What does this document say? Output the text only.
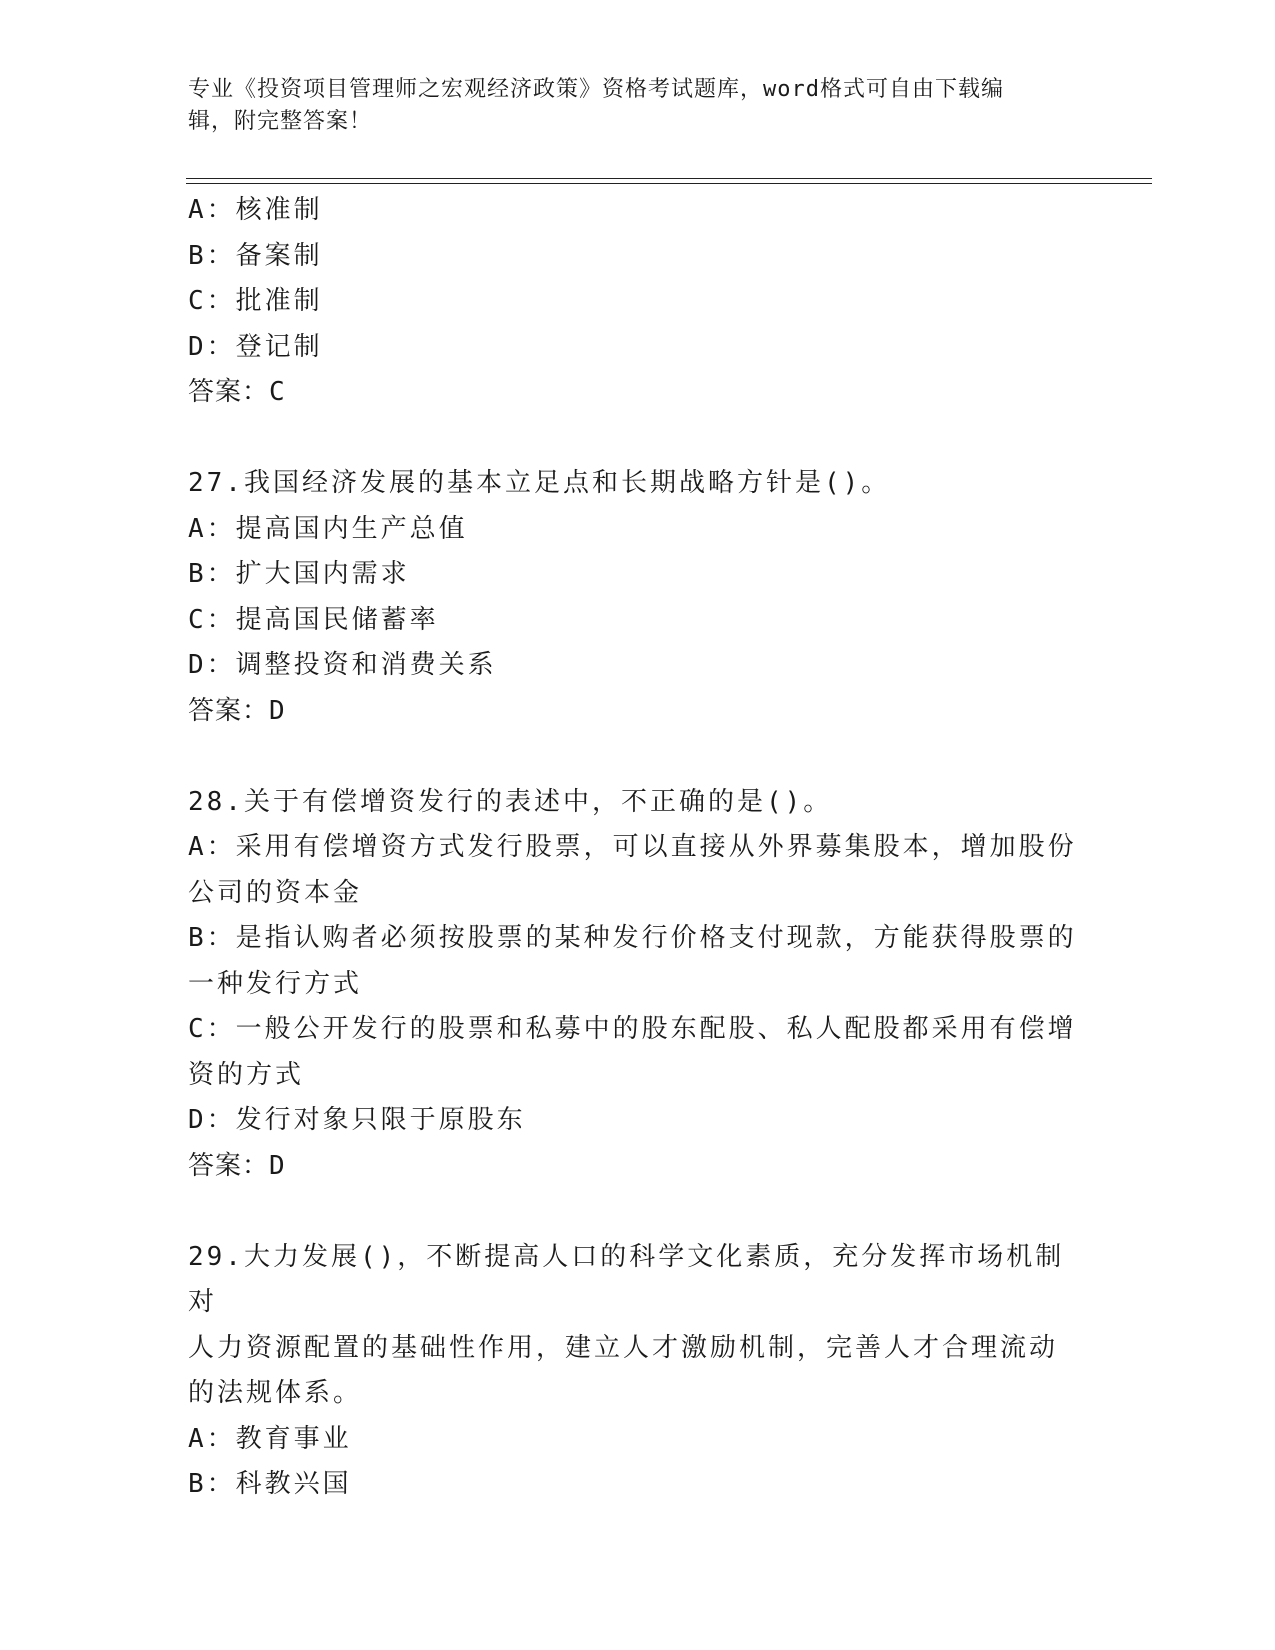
专业《投资项目管理师之宏观经济政策》资格考试题库，word格式可自由下载编
辑，附完整答案！
A：核准制
B：备案制
C：批准制
D：登记制
答案：C
27.我国经济发展的基本立足点和长期战略方针是()。
A：提高国内生产总值
B：扩大国内需求
C：提高国民储蓄率
D：调整投资和消费关系
答案：D
28.关于有偿增资发行的表述中，不正确的是()。
A：采用有偿增资方式发行股票，可以直接从外界募集股本，增加股份
公司的资本金
B：是指认购者必须按股票的某种发行价格支付现款，方能获得股票的
一种发行方式
C：一般公开发行的股票和私募中的股东配股、私人配股都采用有偿增
资的方式
D：发行对象只限于原股东
答案：D
29.大力发展()，不断提高人口的科学文化素质，充分发挥市场机制对
人力资源配置的基础性作用，建立人才激励机制，完善人才合理流动
的法规体系。
A：教育事业
B：科教兴国
